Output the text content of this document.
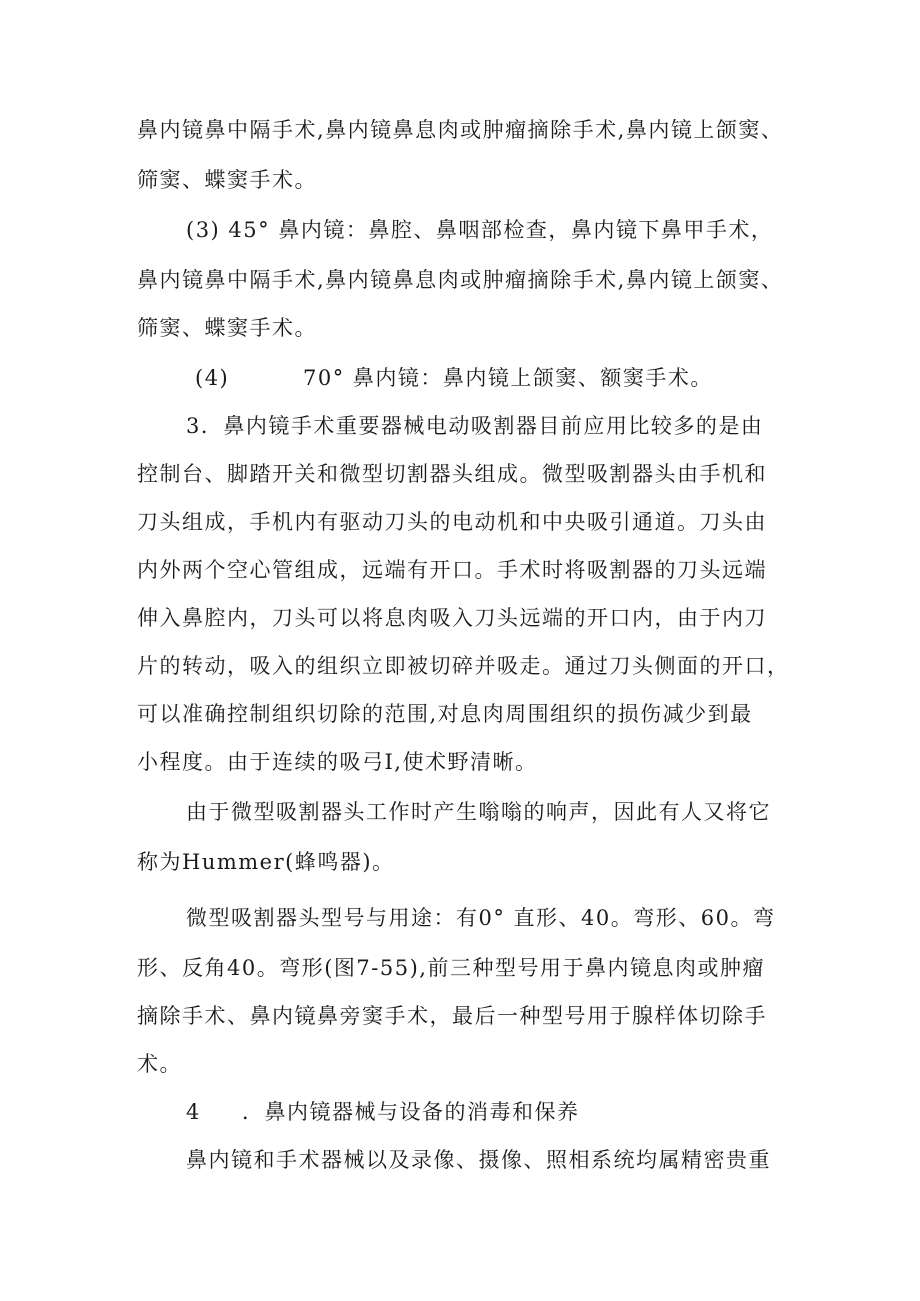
鼻内镜鼻中隔手术,鼻内镜鼻息肉或肿瘤摘除手术,鼻内镜上颌窦、

筛窦、蝶窦手术。

(3) 45° 鼻内镜：鼻腔、鼻咽部检查，鼻内镜下鼻甲手术，

鼻内镜鼻中隔手术,鼻内镜鼻息肉或肿瘤摘除手术,鼻内镜上颌窦、

筛窦、蝶窦手术。

(4)	70° 鼻内镜：鼻内镜上颌窦、额窦手术。

3．鼻内镜手术重要器械电动吸割器目前应用比较多的是由

控制台、脚踏开关和微型切割器头组成。微型吸割器头由手机和

刀头组成，手机内有驱动刀头的电动机和中央吸引通道。刀头由

内外两个空心管组成，远端有开口。手术时将吸割器的刀头远端

伸入鼻腔内，刀头可以将息肉吸入刀头远端的开口内，由于内刀

片的转动，吸入的组织立即被切碎并吸走。通过刀头侧面的开口，

可以准确控制组织切除的范围,对息肉周围组织的损伤减少到最

小程度。由于连续的吸弓I,使术野清晰。

由于微型吸割器头工作时产生嗡嗡的响声，因此有人又将它

称为Hummer(蜂鸣器)。

微型吸割器头型号与用途：有0° 直形、40。弯形、60。弯

形、反角40。弯形(图7-55),前三种型号用于鼻内镜息肉或肿瘤

摘除手术、鼻内镜鼻旁窦手术，最后一种型号用于腺样体切除手

术。

4 ．鼻内镜器械与设备的消毒和保养

鼻内镜和手术器械以及录像、摄像、照相系统均属精密贵重
